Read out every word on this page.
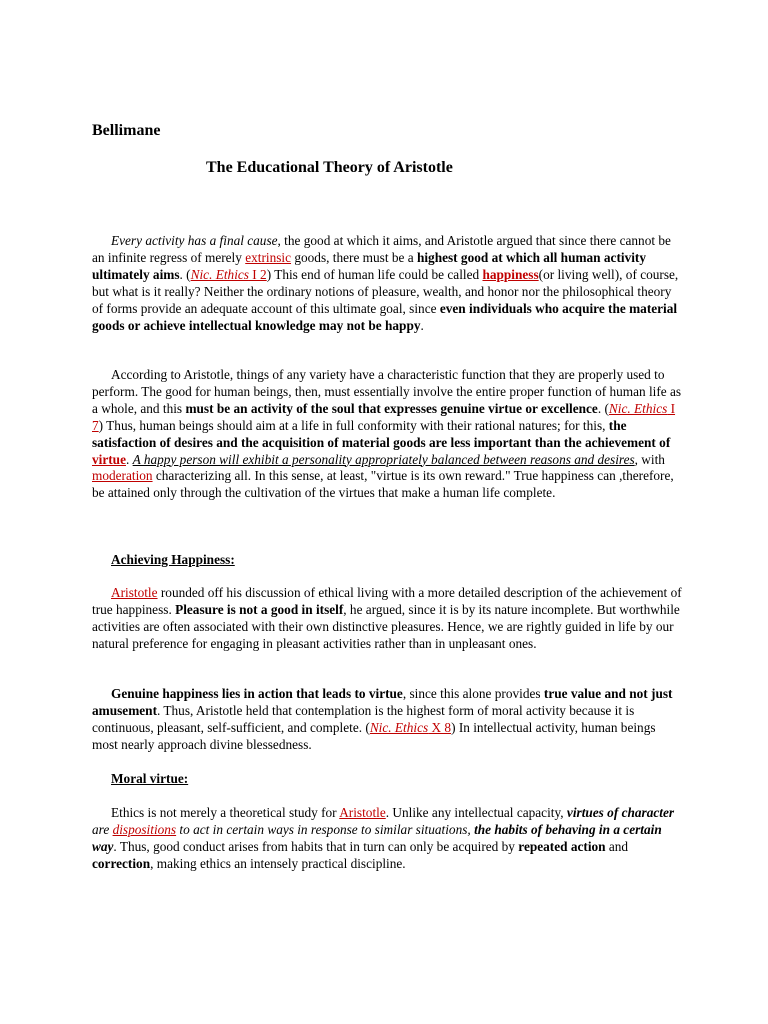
Bellimane

The Educational Theory of Aristotle

Every activity has a final cause, the good at which it aims, and Aristotle argued that since there cannot be an infinite regress of merely extrinsic goods, there must be a highest good at which all human activity ultimately aims. (Nic. Ethics I 2) This end of human life could be called happiness(or living well), of course, but what is it really? Neither the ordinary notions of pleasure, wealth, and honor nor the philosophical theory of forms provide an adequate account of this ultimate goal, since even individuals who acquire the material goods or achieve intellectual knowledge may not be happy.

According to Aristotle, things of any variety have a characteristic function that they are properly used to perform. The good for human beings, then, must essentially involve the entire proper function of human life as a whole, and this must be an activity of the soul that expresses genuine virtue or excellence. (Nic. Ethics I 7) Thus, human beings should aim at a life in full conformity with their rational natures; for this, the satisfaction of desires and the acquisition of material goods are less important than the achievement of virtue. A happy person will exhibit a personality appropriately balanced between reasons and desires, with moderation characterizing all. In this sense, at least, "virtue is its own reward." True happiness can ,therefore, be attained only through the cultivation of the virtues that make a human life complete.

Achieving Happiness:

Aristotle rounded off his discussion of ethical living with a more detailed description of the achievement of true happiness. Pleasure is not a good in itself, he argued, since it is by its nature incomplete. But worthwhile activities are often associated with their own distinctive pleasures. Hence, we are rightly guided in life by our natural preference for engaging in pleasant activities rather than in unpleasant ones.

Genuine happiness lies in action that leads to virtue, since this alone provides true value and not just amusement. Thus, Aristotle held that contemplation is the highest form of moral activity because it is continuous, pleasant, self-sufficient, and complete. (Nic. Ethics X 8) In intellectual activity, human beings most nearly approach divine blessedness.

Moral virtue:

Ethics is not merely a theoretical study for Aristotle. Unlike any intellectual capacity, virtues of character are dispositions to act in certain ways in response to similar situations, the habits of behaving in a certain way. Thus, good conduct arises from habits that in turn can only be acquired by repeated action and correction, making ethics an intensely practical discipline.
